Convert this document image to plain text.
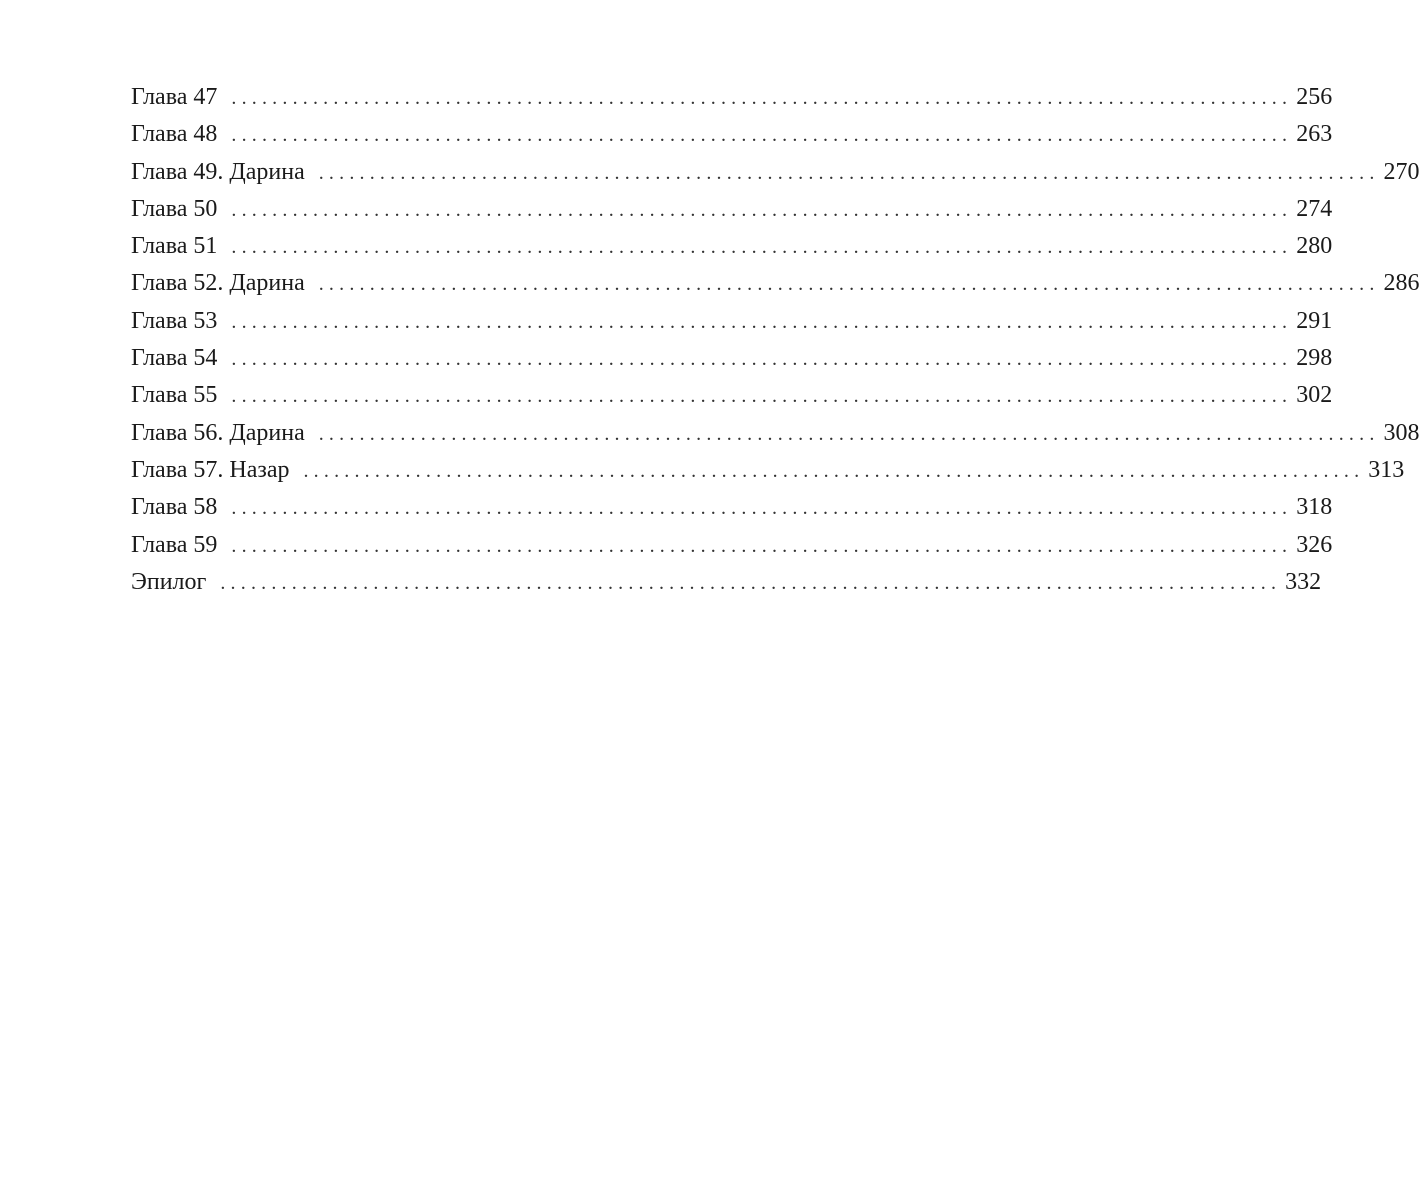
Глава 47 ........................................................................................................ 256
Глава 48 ........................................................................................................ 263
Глава 49. Дарина ........................................................................................................ 270
Глава 50 ........................................................................................................ 274
Глава 51 ........................................................................................................ 280
Глава 52. Дарина ........................................................................................................ 286
Глава 53 ........................................................................................................ 291
Глава 54 ........................................................................................................ 298
Глава 55 ........................................................................................................ 302
Глава 56. Дарина ........................................................................................................ 308
Глава 57. Назар ........................................................................................................ 313
Глава 58 ........................................................................................................ 318
Глава 59 ........................................................................................................ 326
Эпилог ........................................................................................................ 332
